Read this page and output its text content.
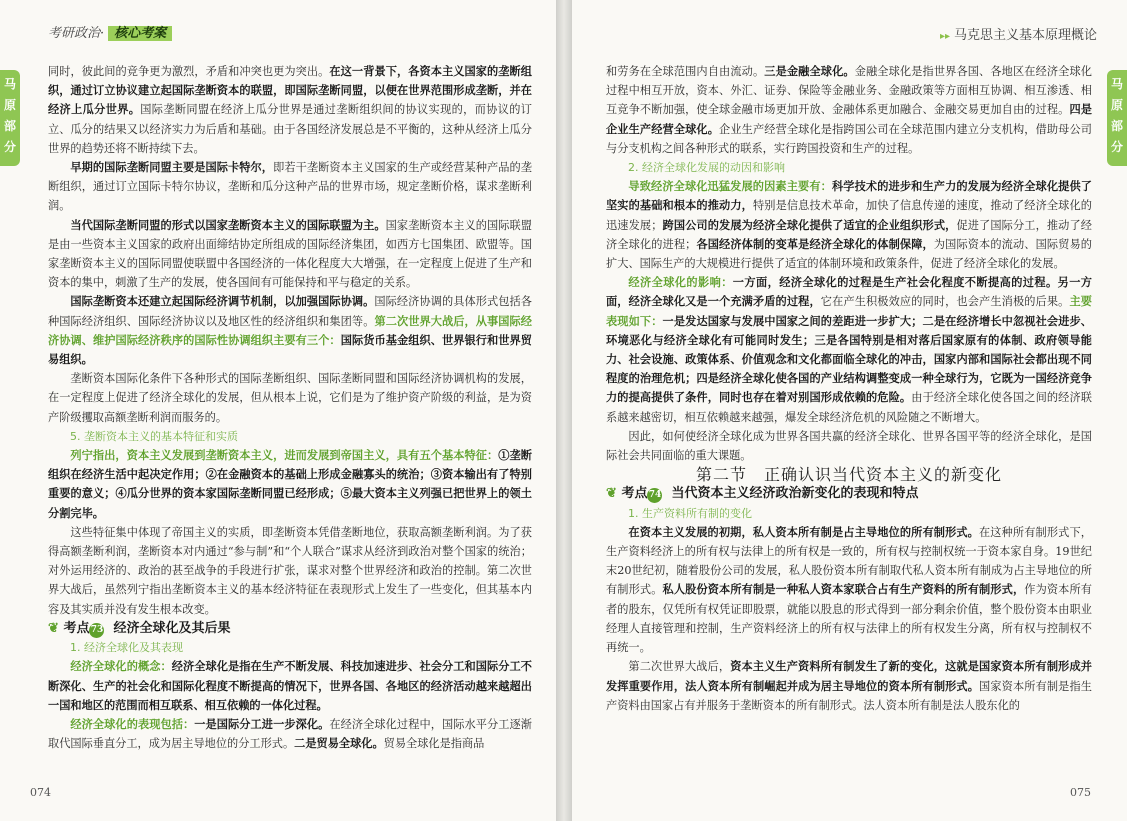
考研政治· 核心考案
马原部分

同时，彼此间的竞争更为激烈，矛盾和冲突也更为突出。在这一背景下，各资本主义国家的垄断组织，通过订立协议建立起国际垄断资本的联盟，即国际垄断同盟，以便在世界范围形成垄断，并在经济上瓜分世界。国际垄断同盟在经济上瓜分世界是通过垄断组织间的协议实现的，而协议的订立、瓜分的结果又以经济实力为后盾和基础。由于各国经济发展总是不平衡的，这种从经济上瓜分世界的趋势还将不断持续下去。

早期的国际垄断同盟主要是国际卡特尔，即若干垄断资本主义国家的生产或经营某种产品的垄断组织，通过订立国际卡特尔协议，垄断和瓜分这种产品的世界市场，规定垄断价格，谋求垄断利润。

当代国际垄断同盟的形式以国家垄断资本主义的国际联盟为主。国家垄断资本主义的国际联盟是由一些资本主义国家的政府出面缔结协定所组成的国际经济集团，如西方七国集团、欧盟等。国家垄断资本主义的国际同盟使联盟中各国经济的一体化程度大大增强，在一定程度上促进了生产和资本的集中，刺激了生产的发展，使各国间有可能保持和平与稳定的关系。

国际垄断资本还建立起国际经济调节机制，以加强国际协调。国际经济协调的具体形式包括各种国际经济组织、国际经济协议以及地区性的经济组织和集团等。第二次世界大战后，从事国际经济协调、维护国际经济秩序的国际性协调组织主要有三个：国际货币基金组织、世界银行和世界贸易组织。

垄断资本国际化条件下各种形式的国际垄断组织、国际垄断同盟和国际经济协调机构的发展，在一定程度上促进了经济全球化的发展，但从根本上说，它们是为了维护资产阶级的利益，是为资产阶级攫取高额垄断利润而服务的。

5. 垄断资本主义的基本特征和实质

列宁指出，资本主义发展到垄断资本主义，进而发展到帝国主义，具有五个基本特征：①垄断组织在经济生活中起决定作用；②在金融资本的基础上形成金融寡头的统治；③资本输出有了特别重要的意义；④瓜分世界的资本家国际垄断同盟已经形成；⑤最大资本主义列强已把世界上的领土分割完毕。

这些特征集中体现了帝国主义的实质，即垄断资本凭借垄断地位，获取高额垄断利润。为了获得高额垄断利润，垄断资本对内通过“参与制”和“个人联合”谋求从经济到政治对整个国家的统治；对外运用经济的、政治的甚至战争的手段进行扩张，谋求对整个世界经济和政治的控制。第二次世界大战后，虽然列宁指出垄断资本主义的基本经济特征在表现形式上发生了一些变化，但其基本内容及其实质并没有发生根本改变。

❦ 考点73 经济全球化及其后果

1. 经济全球化及其表现

经济全球化的概念：经济全球化是指在生产不断发展、科技加速进步、社会分工和国际分工不断深化、生产的社会化和国际化程度不断提高的情况下，世界各国、各地区的经济活动越来越超出一国和地区的范围而相互联系、相互依赖的一体化过程。

经济全球化的表现包括：一是国际分工进一步深化。在经济全球化过程中，国际水平分工逐渐取代国际垂直分工，成为居主导地位的分工形式。二是贸易全球化。贸易全球化是指商品

074
▸▸ 马克思主义基本原理概论
马原部分

和劳务在全球范围内自由流动。三是金融全球化。金融全球化是指世界各国、各地区在经济全球化过程中相互开放，资本、外汇、证券、保险等金融业务、金融政策等方面相互协调、相互渗透、相互竞争不断加强，使全球金融市场更加开放、金融体系更加融合、金融交易更加自由的过程。四是企业生产经营全球化。企业生产经营全球化是指跨国公司在全球范围内建立分支机构，借助母公司与分支机构之间各种形式的联系，实行跨国投资和生产的过程。

2. 经济全球化发展的动因和影响

导致经济全球化迅猛发展的因素主要有：科学技术的进步和生产力的发展为经济全球化提供了坚实的基础和根本的推动力，特别是信息技术革命，加快了信息传递的速度，推动了经济全球化的迅速发展；跨国公司的发展为经济全球化提供了适宜的企业组织形式，促进了国际分工，推动了经济全球化的进程；各国经济体制的变革是经济全球化的体制保障，为国际资本的流动、国际贸易的扩大、国际生产的大规模进行提供了适宜的体制环境和政策条件，促进了经济全球化的发展。

经济全球化的影响：一方面，经济全球化的过程是生产社会化程度不断提高的过程。另一方面，经济全球化又是一个充满矛盾的过程，它在产生积极效应的同时，也会产生消极的后果。主要表现如下：一是发达国家与发展中国家之间的差距进一步扩大；二是在经济增长中忽视社会进步、环境恶化与经济全球化有可能同时发生；三是各国特别是相对落后国家原有的体制、政府领导能力、社会设施、政策体系、价值观念和文化都面临全球化的冲击，国家内部和国际社会都出现不同程度的治理危机；四是经济全球化使各国的产业结构调整变成一种全球行为，它既为一国经济竞争力的提高提供了条件，同时也存在着对别国形成依赖的危险。由于经济全球化使各国之间的经济联系越来越密切，相互依赖越来越强，爆发全球经济危机的风险随之不断增大。

因此，如何使经济全球化成为世界各国共赢的经济全球化、世界各国平等的经济全球化，是国际社会共同面临的重大课题。

第二节　正确认识当代资本主义的新变化

❦ 考点74 当代资本主义经济政治新变化的表现和特点

1. 生产资料所有制的变化

在资本主义发展的初期，私人资本所有制是占主导地位的所有制形式。在这种所有制形式下，生产资料经济上的所有权与法律上的所有权是一致的，所有权与控制权统一于资本家自身。19世纪末20世纪初，随着股份公司的发展，私人股份资本所有制取代私人资本所有制成为占主导地位的所有制形式。私人股份资本所有制是一种私人资本家联合占有生产资料的所有制形式，作为资本所有者的股东，仅凭所有权凭证即股票，就能以股息的形式得到一部分剩余价值，整个股份资本由职业经理人直接管理和控制，生产资料经济上的所有权与法律上的所有权发生分离，所有权与控制权不再统一。

第二次世界大战后，资本主义生产资料所有制发生了新的变化，这就是国家资本所有制形成并发挥重要作用，法人资本所有制崛起并成为居主导地位的资本所有制形式。国家资本所有制是指生产资料由国家占有并服务于垄断资本的所有制形式。法人资本所有制是法人股东化的

075
